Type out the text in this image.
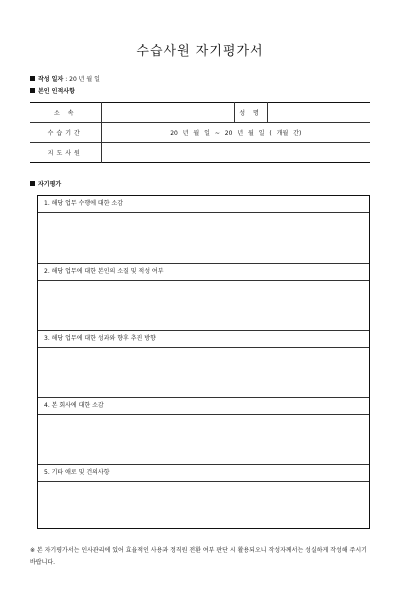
수습사원 자기평가서
작성 일자 : 20 년 월 일
본인 인적사항
소 속		성 명	
수습기간	20 년 월 일 ~ 20 년 월 일 ( 개월 간)		
지도사원			
자기평가
1. 해당 업무 수행에 대한 소감
2. 해당 업무에 대한 본인의 소질 및 적성 여부
3. 해당 업무에 대한 성과와 향후 추진 방향
4. 본 회사에 대한 소감
5. 기타 애로 및 건의사항
※ 본 자기평가서는 인사관리에 있어 효율적인 사용과 정직원 전환 여부 판단 시 활용되오니 작성자께서는 성실하게 작성해 주시기 바랍니다.
